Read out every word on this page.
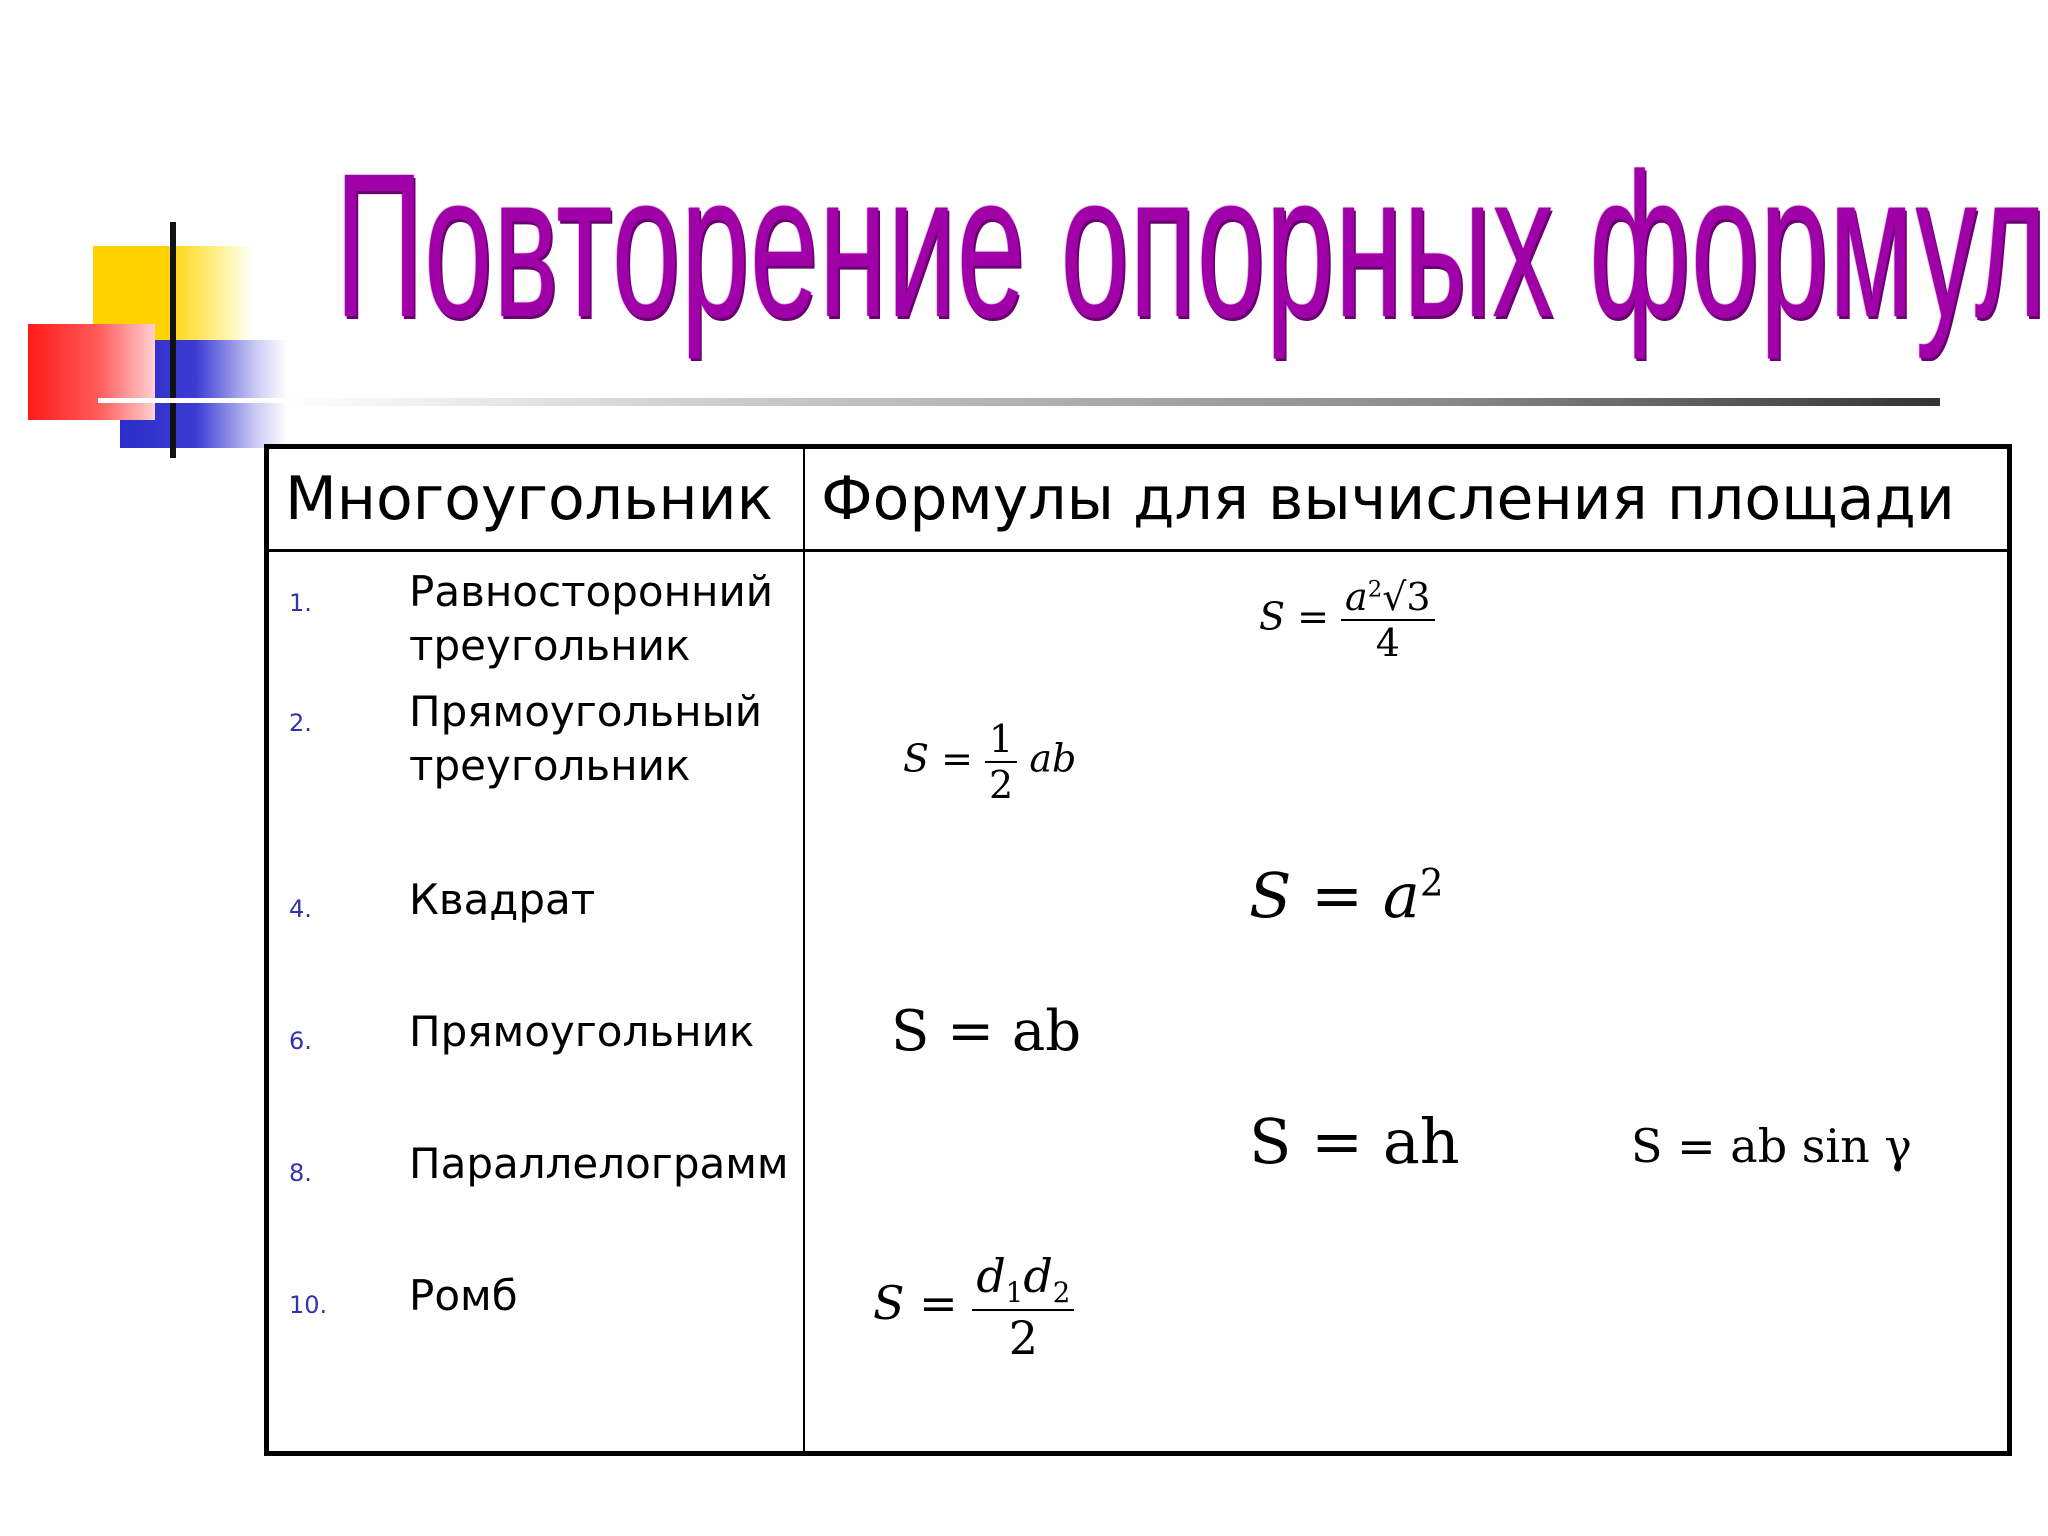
Повторение опорных формул
Многоугольник Формулы для вычисления площади
1. Равносторонний треугольник
2. Прямоугольный треугольник
4. Квадрат
6. Прямоугольник
8. Параллелограмм
10. Ромб
$S = \frac{a^2√3}{4}$
$S = \frac{1}{2}$ ab
$S = a^2$
S = ab
S = ah	S = ab sin γ
$S = \frac{d_1d_2}{2}$
